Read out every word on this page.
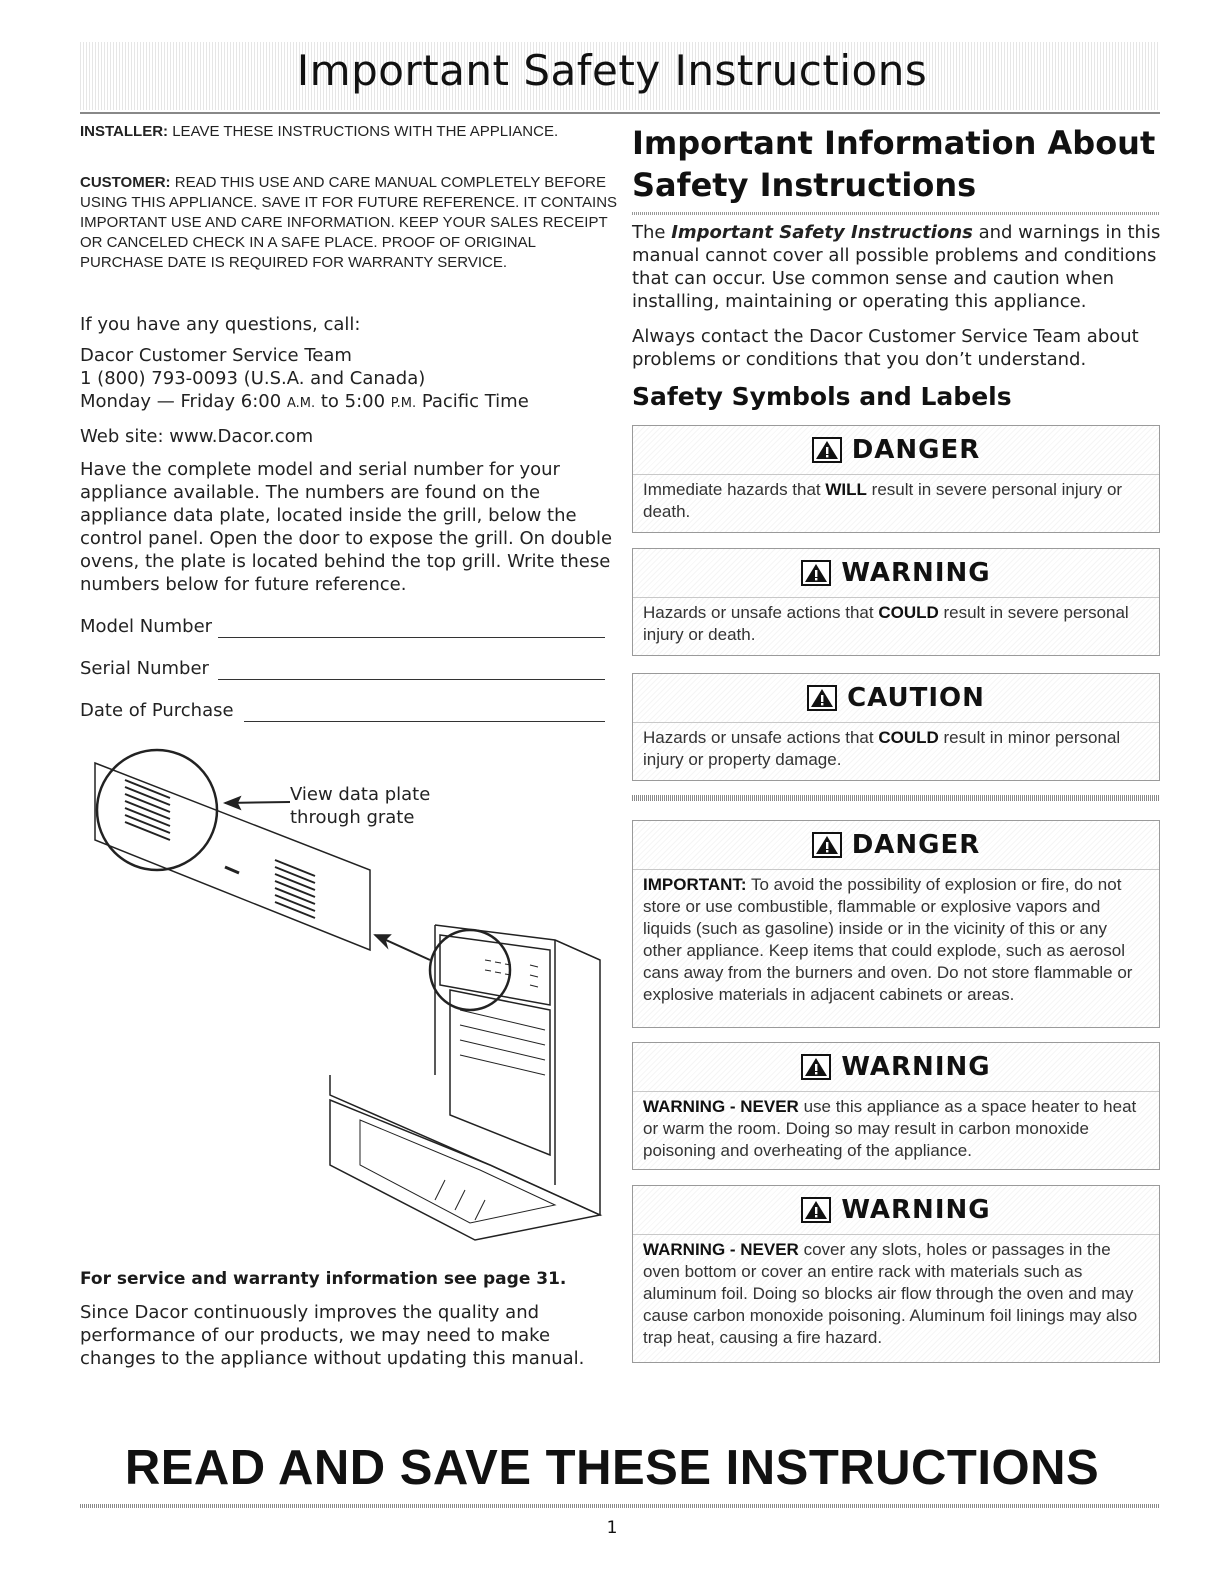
Important Safety Instructions

INSTALLER: LEAVE THESE INSTRUCTIONS WITH THE APPLIANCE.

CUSTOMER: READ THIS USE AND CARE MANUAL COMPLETELY BEFORE USING THIS APPLIANCE. SAVE IT FOR FUTURE REFERENCE. IT CONTAINS IMPORTANT USE AND CARE INFORMATION. KEEP YOUR SALES RECEIPT OR CANCELED CHECK IN A SAFE PLACE. PROOF OF ORIGINAL PURCHASE DATE IS REQUIRED FOR WARRANTY SERVICE.

If you have any questions, call:

Dacor Customer Service Team

1 (800) 793-0093 (U.S.A. and Canada)

Monday — Friday 6:00 A.M. to 5:00 P.M. Pacific Time

Web site: www.Dacor.com

Have the complete model and serial number for your appliance available. The numbers are found on the appliance data plate, located inside the grill, below the control panel. Open the door to expose the grill. On double ovens, the plate is located behind the top grill. Write these numbers below for future reference.

Model Number
Serial Number
Date of Purchase
View data plate
through grate

For service and warranty information see page 31.

Since Dacor continuously improves the quality and performance of our products, we may need to make changes to the appliance without updating this manual.

Important Information About Safety Instructions

The Important Safety Instructions and warnings in this manual cannot cover all possible problems and conditions that can occur. Use common sense and caution when installing, maintaining or operating this appliance.

Always contact the Dacor Customer Service Team about problems or conditions that you don’t understand.

Safety Symbols and Labels
DANGER

Immediate hazards that WILL result in severe personal injury or death.

WARNING

Hazards or unsafe actions that COULD result in severe personal injury or death.

CAUTION

Hazards or unsafe actions that COULD result in minor personal injury or property damage.

DANGER

IMPORTANT: To avoid the possibility of explosion or fire, do not store or use combustible, flammable or explosive vapors and liquids (such as gasoline) inside or in the vicinity of this or any other appliance. Keep items that could explode, such as aerosol cans away from the burners and oven. Do not store flammable or explosive materials in adjacent cabinets or areas.

WARNING

WARNING - NEVER use this appliance as a space heater to heat or warm the room. Doing so may result in carbon monoxide poisoning and overheating of the appliance.

WARNING

WARNING - NEVER cover any slots, holes or passages in the oven bottom or cover an entire rack with materials such as aluminum foil. Doing so blocks air flow through the oven and may cause carbon monoxide poisoning. Aluminum foil linings may also trap heat, causing a fire hazard.

READ AND SAVE THESE INSTRUCTIONS
1
